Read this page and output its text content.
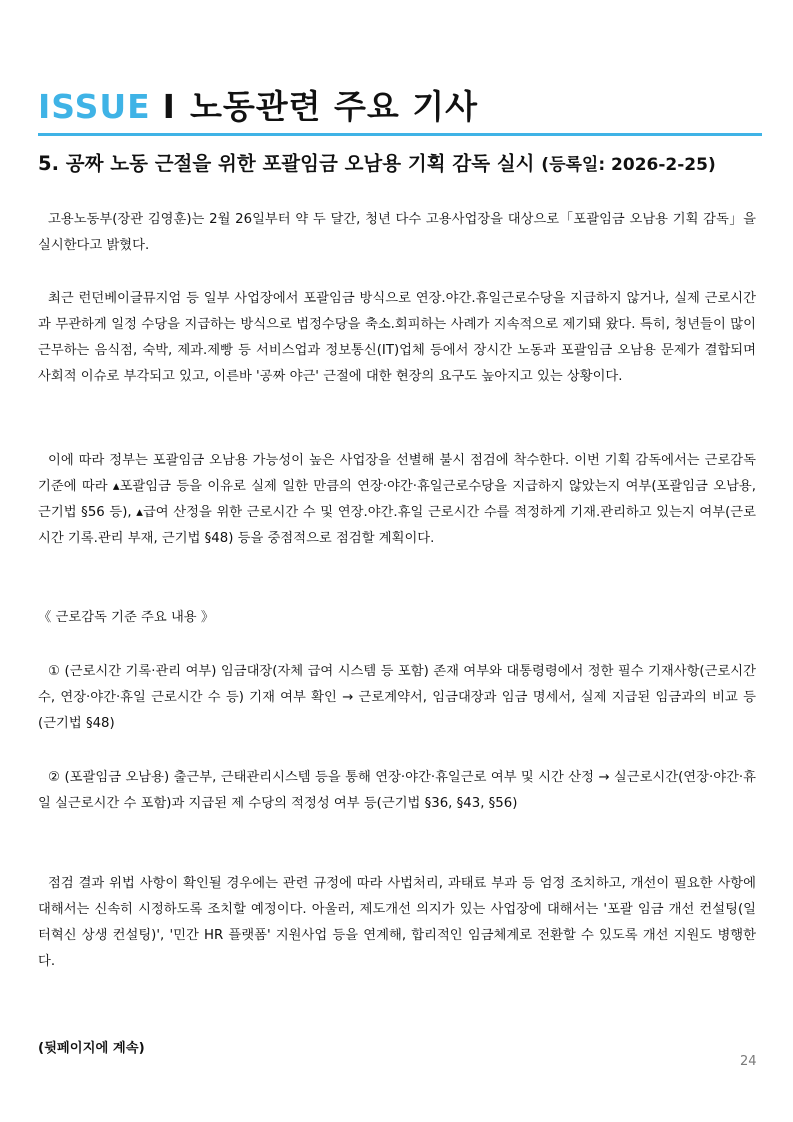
ISSUE I 노동관련 주요 기사
5. 공짜 노동 근절을 위한 포괄임금 오남용 기획 감독 실시 (등록일: 2026-2-25)

고용노동부(장관 김영훈)는 2월 26일부터 약 두 달간, 청년 다수 고용사업장을 대상으로「포괄임금 오남용 기획 감독」을 실시한다고 밝혔다.

최근 런던베이글뮤지엄 등 일부 사업장에서 포괄임금 방식으로 연장.야간.휴일근로수당을 지급하지 않거나, 실제 근로시간과 무관하게 일정 수당을 지급하는 방식으로 법정수당을 축소.회피하는 사례가 지속적으로 제기돼 왔다. 특히, 청년들이 많이 근무하는 음식점, 숙박, 제과.제빵 등 서비스업과 정보통신(IT)업체 등에서 장시간 노동과 포괄임금 오남용 문제가 결합되며 사회적 이슈로 부각되고 있고, 이른바 '공짜 야근' 근절에 대한 현장의 요구도 높아지고 있는 상황이다.

이에 따라 정부는 포괄임금 오남용 가능성이 높은 사업장을 선별해 불시 점검에 착수한다. 이번 기획 감독에서는 근로감독 기준에 따라 ▴포괄임금 등을 이유로 실제 일한 만큼의 연장·야간·휴일근로수당을 지급하지 않았는지 여부(포괄임금 오남용, 근기법 §56 등), ▴급여 산정을 위한 근로시간 수 및 연장.야간.휴일 근로시간 수를 적정하게 기재.관리하고 있는지 여부(근로시간 기록.관리 부재, 근기법 §48) 등을 중점적으로 점검할 계획이다.

《 근로감독 기준 주요 내용 》

① (근로시간 기록·관리 여부) 임금대장(자체 급여 시스템 등 포함) 존재 여부와 대통령령에서 정한 필수 기재사항(근로시간 수, 연장·야간·휴일 근로시간 수 등) 기재 여부 확인 → 근로계약서, 임금대장과 임금 명세서, 실제 지급된 임금과의 비교 등(근기법 §48)

② (포괄임금 오남용) 출근부, 근태관리시스템 등을 통해 연장·야간·휴일근로 여부 및 시간 산정 → 실근로시간(연장·야간·휴일 실근로시간 수 포함)과 지급된 제 수당의 적정성 여부 등(근기법 §36, §43, §56)

점검 결과 위법 사항이 확인될 경우에는 관련 규정에 따라 사법처리, 과태료 부과 등 엄정 조치하고, 개선이 필요한 사항에 대해서는 신속히 시정하도록 조치할 예정이다. 아울러, 제도개선 의지가 있는 사업장에 대해서는 '포괄 임금 개선 컨설팅(일터혁신 상생 컨설팅)', '민간 HR 플랫폼' 지원사업 등을 연계해, 합리적인 임금체계로 전환할 수 있도록 개선 지원도 병행한다.

(뒷페이지에 계속)
24
